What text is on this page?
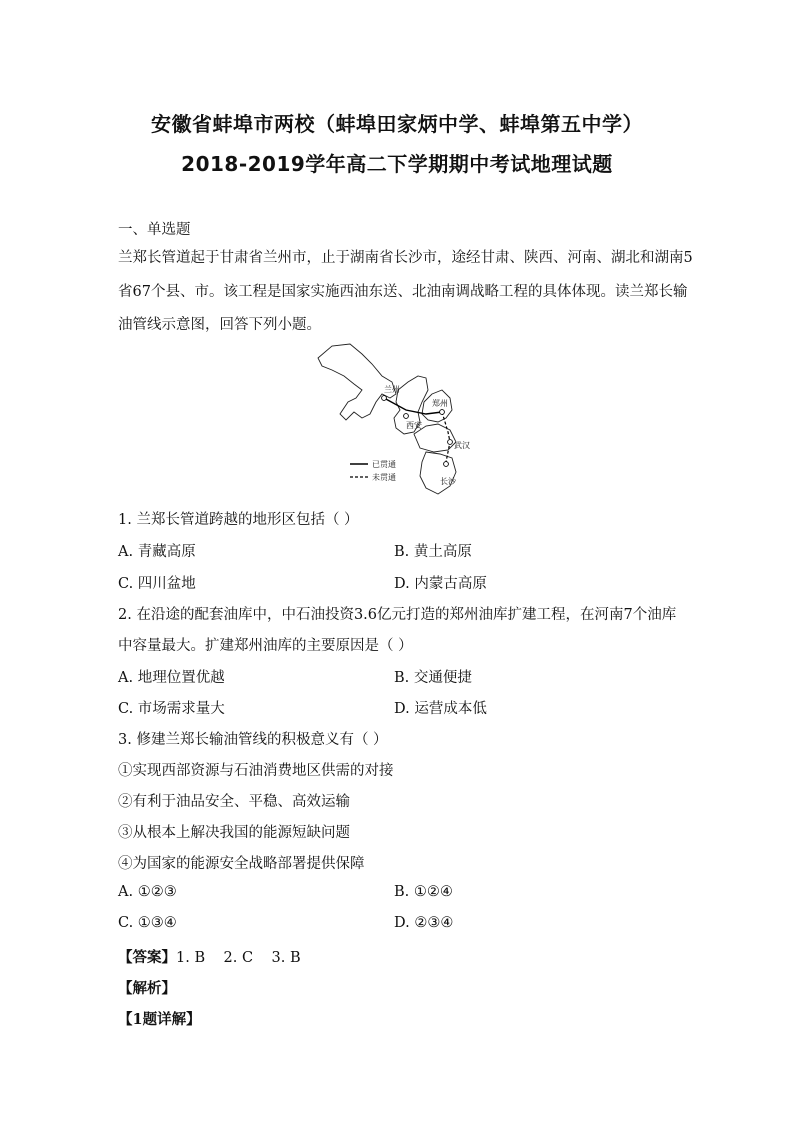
安徽省蚌埠市两校（蚌埠田家炳中学、蚌埠第五中学）
2018-2019学年高二下学期期中考试地理试题
一、单选题
兰郑长管道起于甘肃省兰州市，止于湖南省长沙市，途经甘肃、陕西、河南、湖北和湖南5
省67个县、市。该工程是国家实施西油东送、北油南调战略工程的具体体现。读兰郑长输
油管线示意图，回答下列小题。
兰州
郑州
西安
武汉
长沙
已贯通
未贯通
1. 兰郑长管道跨越的地形区包括（ ）
A. 青藏高原	B. 黄土高原
C. 四川盆地	D. 内蒙古高原
2. 在沿途的配套油库中，中石油投资3.6亿元打造的郑州油库扩建工程，在河南7个油库
中容量最大。扩建郑州油库的主要原因是（ ）
A. 地理位置优越	B. 交通便捷
C. 市场需求量大	D. 运营成本低
3. 修建兰郑长输油管线的积极意义有（ ）
①实现西部资源与石油消费地区供需的对接
②有利于油品安全、平稳、高效运输
③从根本上解决我国的能源短缺问题
④为国家的能源安全战略部署提供保障
A. ①②③	B. ①②④
C. ①③④	D. ②③④
【答案】1. B    2. C    3. B
【解析】
【1题详解】
